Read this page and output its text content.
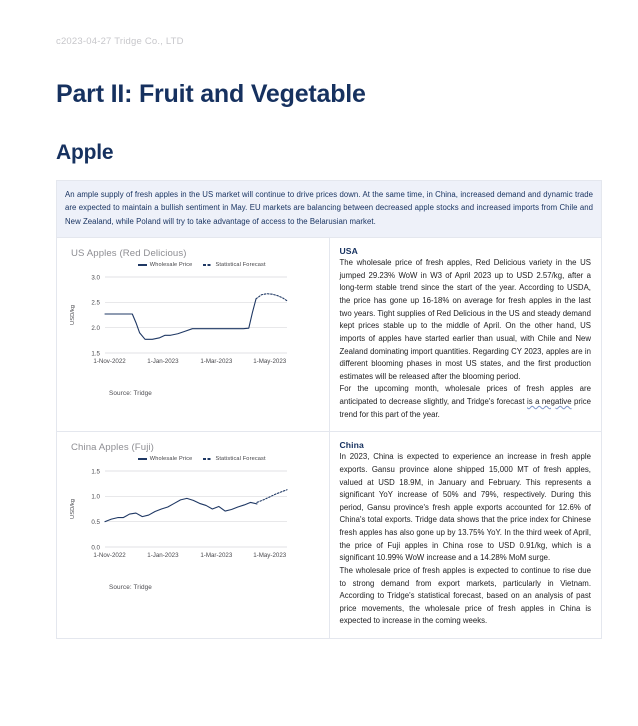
c2023-04-27 Tridge Co., LTD
Part II: Fruit and Vegetable
Apple
An ample supply of fresh apples in the US market will continue to drive prices down. At the same time, in China, increased demand and dynamic trade are expected to maintain a bullish sentiment in May. EU markets are balancing between decreased apple stocks and increased imports from Chile and New Zealand, while Poland will try to take advantage of access to the Belarusian market.	

US Apples (Red Delicious)
Wholesale Price	Statistical Forecast
1.5
2.0
2.5
3.0
1-Nov-2022	1-Jan-2023	1-Mar-2023	1-May-2023
USD/kg
Source: Tridge

USA

The wholesale price of fresh apples, Red Delicious variety in the US jumped 29.23% WoW in W3 of April 2023 up to USD 2.57/kg, after a long-term stable trend since the start of the year. According to USDA, the price has gone up 16-18% on average for fresh apples in the last two years. Tight supplies of Red Delicious in the US and steady demand kept prices stable up to the middle of April. On the other hand, US imports of apples have started earlier than usual, with Chile and New Zealand dominating import quantities. Regarding CY 2023, apples are in different blooming phases in most US states, and the first production estimates will be released after the blooming period.

For the upcoming month, wholesale prices of fresh apples are anticipated to decrease slightly, and Tridge's forecast is a negative price trend for this part of the year.

China Apples (Fuji)
Wholesale Price	Statistical Forecast
0.0
0.5
1.0
1.5
1-Nov-2022	1-Jan-2023	1-Mar-2023	1-May-2023
USD/kg
Source: Tridge

China

In 2023, China is expected to experience an increase in fresh apple exports. Gansu province alone shipped 15,000 MT of fresh apples, valued at USD 18.9M, in January and February. This represents a significant YoY increase of 50% and 79%, respectively. During this period, Gansu province's fresh apple exports accounted for 12.6% of China's total exports. Tridge data shows that the price index for Chinese fresh apples has also gone up by 13.75% YoY. In the third week of April, the price of Fuji apples in China rose to USD 0.91/kg, which is a significant 10.99% WoW increase and a 14.28% MoM surge.

The wholesale price of fresh apples is expected to continue to rise due to strong demand from export markets, particularly in Vietnam. According to Tridge's statistical forecast, based on an analysis of past price movements, the wholesale price of fresh apples in China is expected to increase in the coming weeks.
